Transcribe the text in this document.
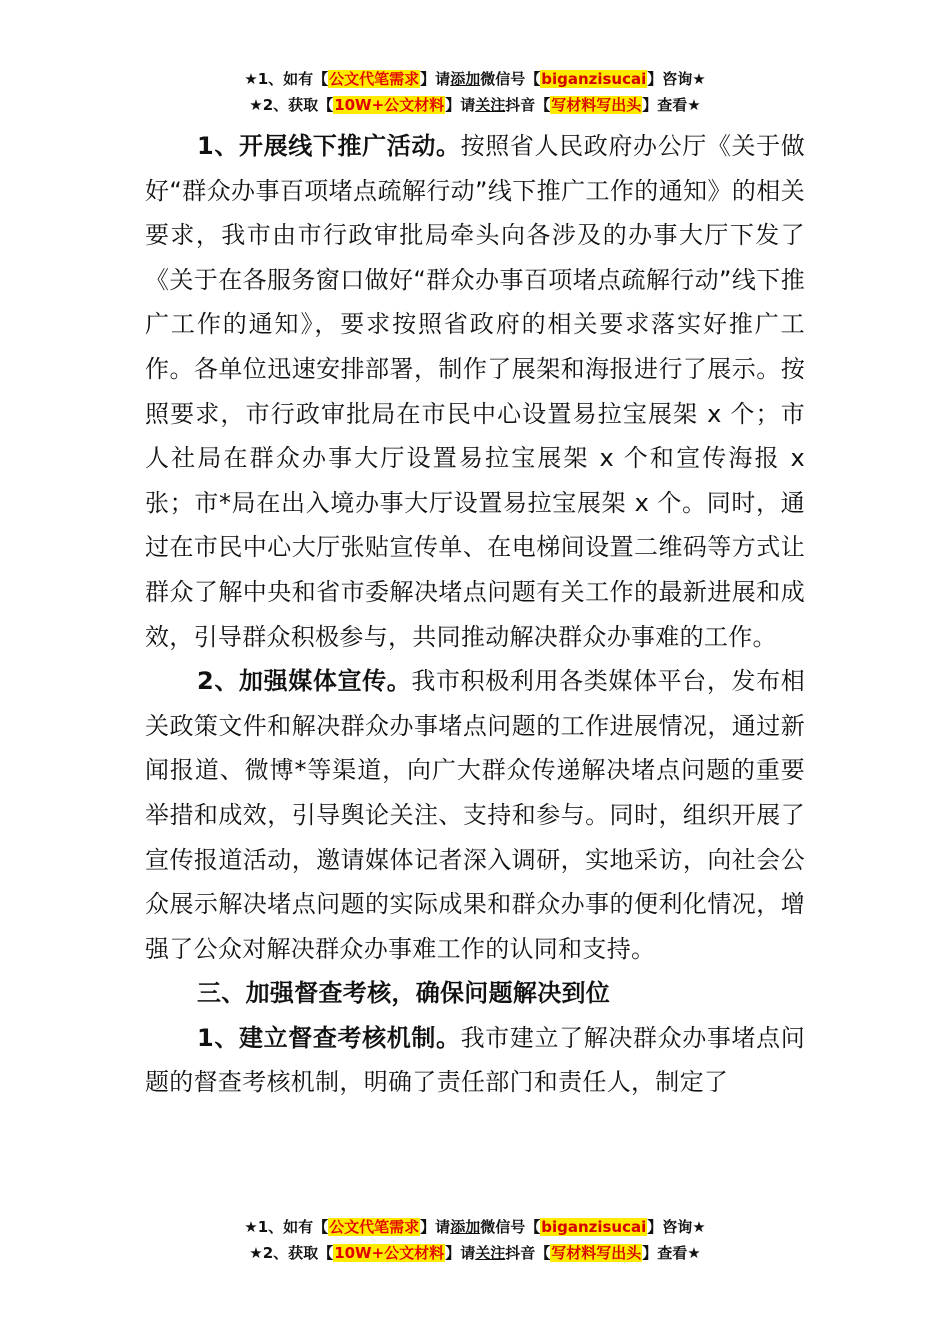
★1、如有【公文代笔需求】请添加微信号【biganzisucai】咨询★
★2、获取【10W+公文材料】请关注抖音【写材料写出头】查看★

1、开展线下推广活动。按照省人民政府办公厅《关于做好“群众办事百项堵点疏解行动”线下推广工作的通知》的相关要求，我市由市行政审批局牵头向各涉及的办事大厅下发了《关于在各服务窗口做好“群众办事百项堵点疏解行动”线下推广工作的通知》，要求按照省政府的相关要求落实好推广工作。各单位迅速安排部署，制作了展架和海报进行了展示。按照要求，市行政审批局在市民中心设置易拉宝展架 x 个；市人社局在群众办事大厅设置易拉宝展架 x 个和宣传海报 x 张；市*局在出入境办事大厅设置易拉宝展架 x 个。同时，通过在市民中心大厅张贴宣传单、在电梯间设置二维码等方式让群众了解中央和省市委解决堵点问题有关工作的最新进展和成效，引导群众积极参与，共同推动解决群众办事难的工作。

2、加强媒体宣传。我市积极利用各类媒体平台，发布相关政策文件和解决群众办事堵点问题的工作进展情况，通过新闻报道、微博*等渠道，向广大群众传递解决堵点问题的重要举措和成效，引导舆论关注、支持和参与。同时，组织开展了宣传报道活动，邀请媒体记者深入调研，实地采访，向社会公众展示解决堵点问题的实际成果和群众办事的便利化情况，增强了公众对解决群众办事难工作的认同和支持。

三、加强督查考核，确保问题解决到位

1、建立督查考核机制。我市建立了解决群众办事堵点问题的督查考核机制，明确了责任部门和责任人，制定了

★1、如有【公文代笔需求】请添加微信号【biganzisucai】咨询★
★2、获取【10W+公文材料】请关注抖音【写材料写出头】查看★
